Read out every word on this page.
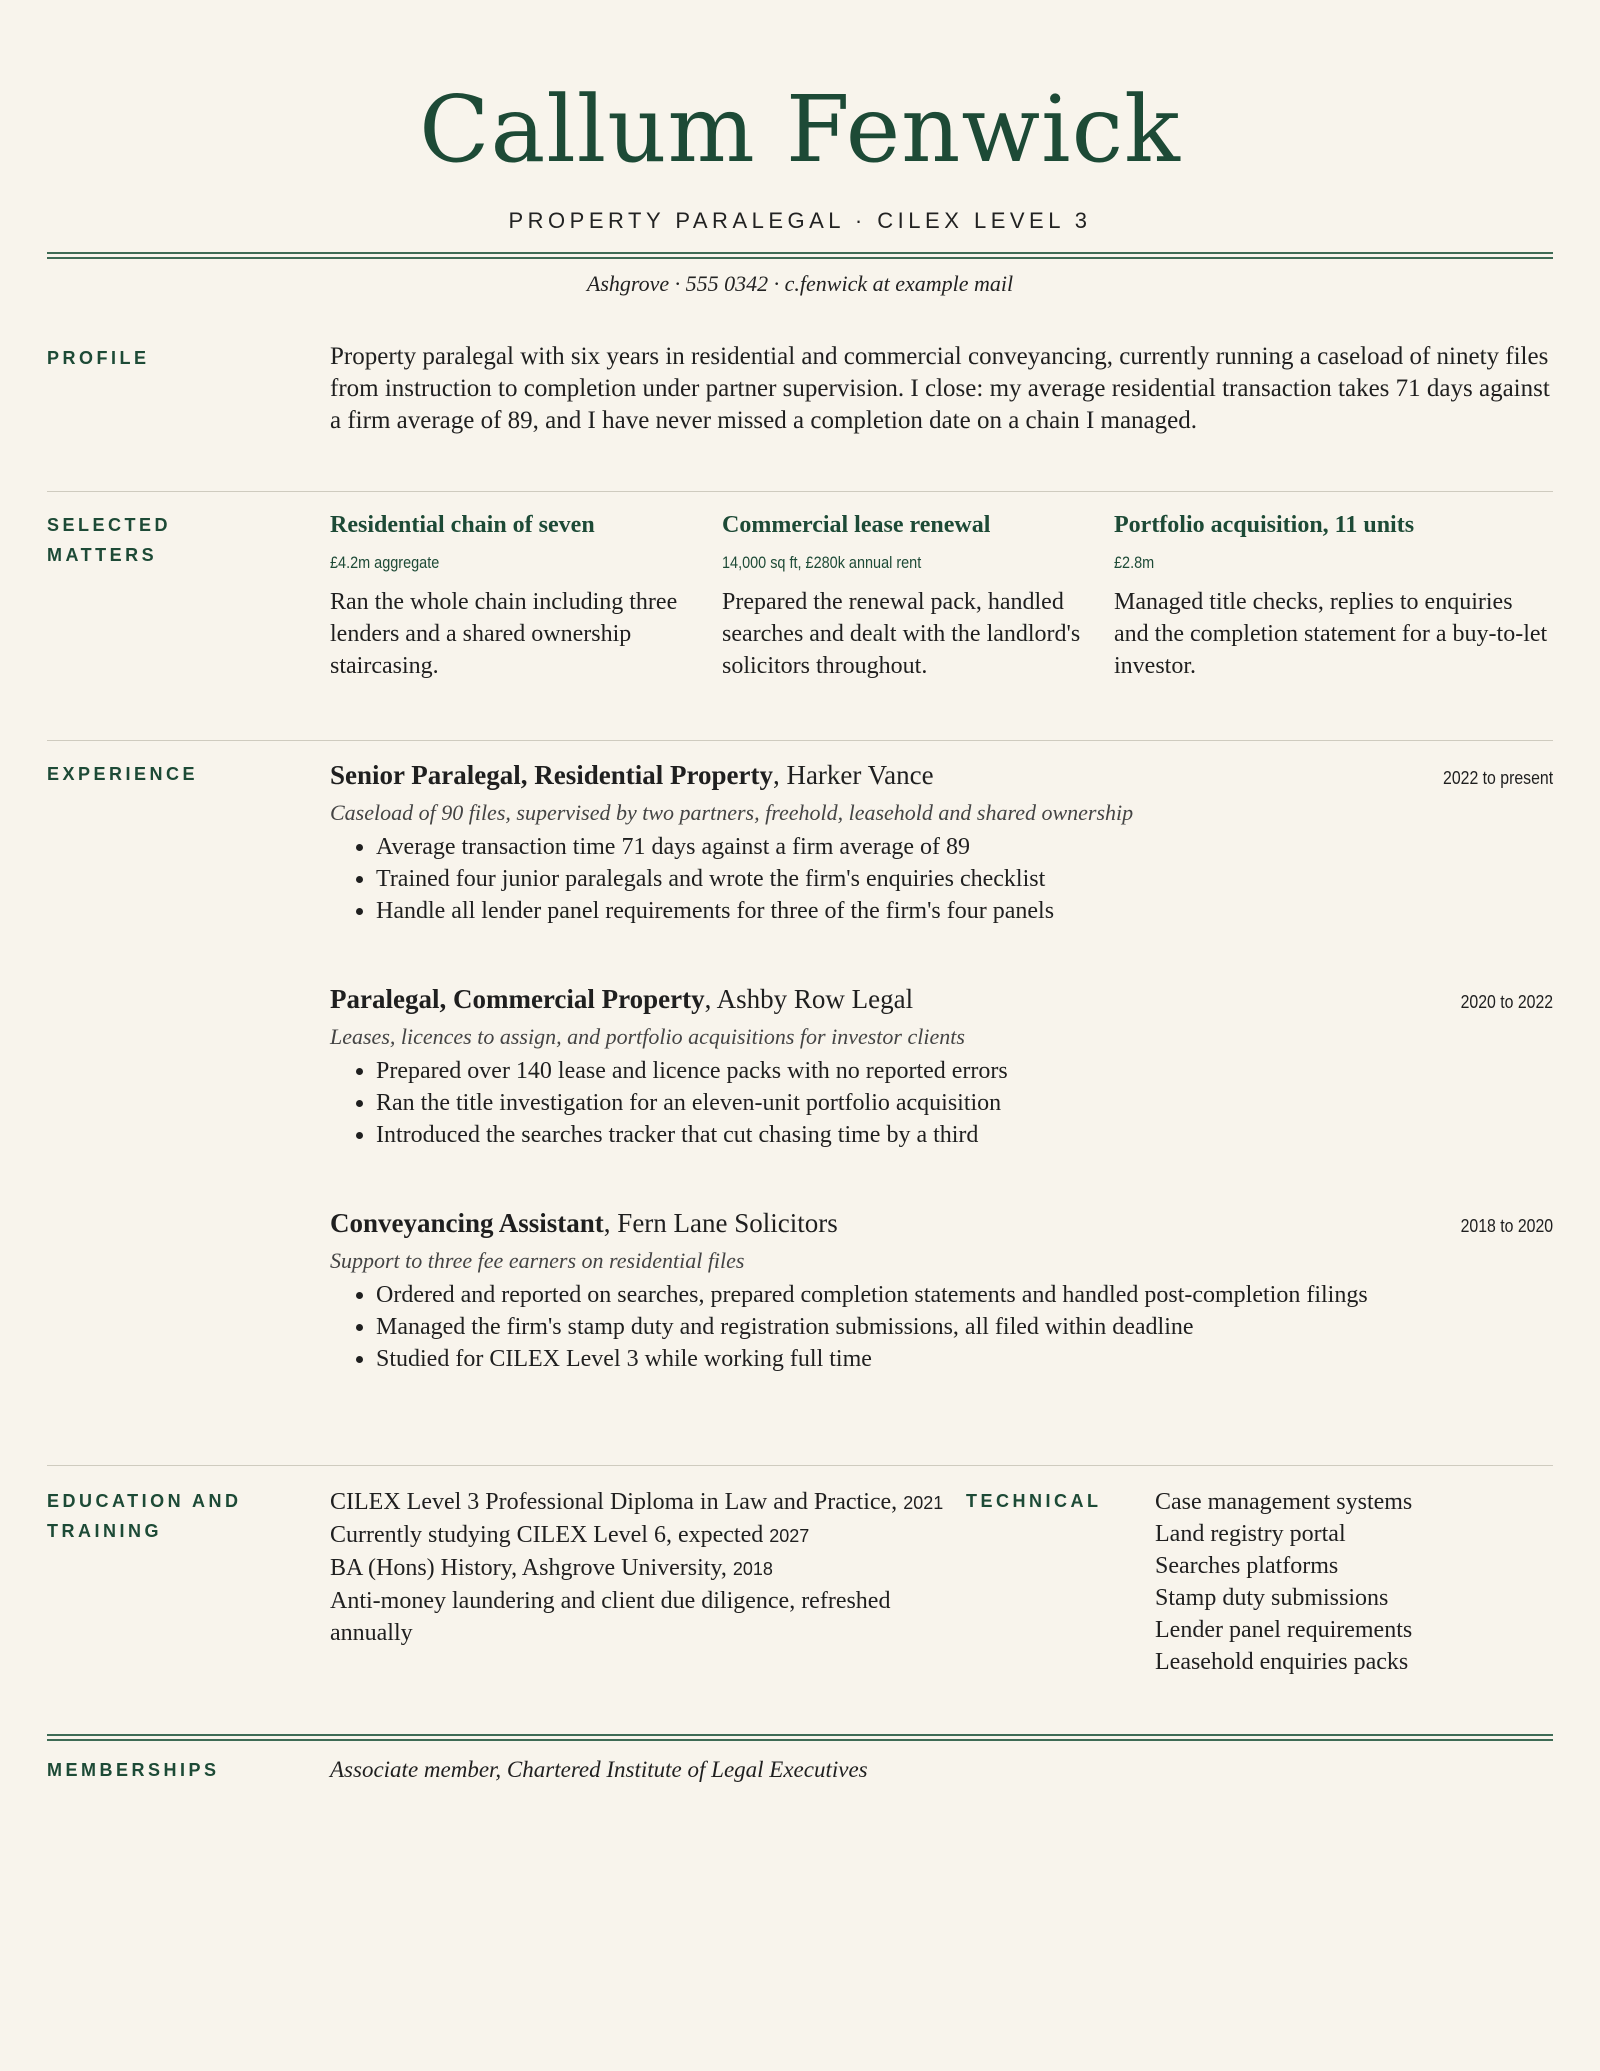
Callum Fenwick
PROPERTY PARALEGAL · CILEX LEVEL 3
Ashgrove · 555 0342 · c.fenwick at example mail
PROFILE	Property paralegal with six years in residential and commercial conveyancing, currently running a caseload of ninety files from instruction to completion under partner supervision. I close: my average residential transaction takes 71 days against a firm average of 89, and I have never missed a completion date on a chain I managed.

SELECTED
MATTERS
Residential chain of seven
£4.2m aggregate
Ran the whole chain including three lenders and a shared ownership staircasing.
Commercial lease renewal
14,000 sq ft, £280k annual rent
Prepared the renewal pack, handled searches and dealt with the landlord's solicitors throughout.
Portfolio acquisition, 11 units
£2.8m
Managed title checks, replies to enquiries and the completion statement for a buy-to-let investor.
EXPERIENCE	Senior Paralegal, Residential Property, Harker Vance	2022 to present
Caseload of 90 files, supervised by two partners, freehold, leasehold and shared ownership
• Average transaction time 71 days against a firm average of 89
• Trained four junior paralegals and wrote the firm's enquiries checklist
• Handle all lender panel requirements for three of the firm's four panels
Paralegal, Commercial Property, Ashby Row Legal	2020 to 2022
Leases, licences to assign, and portfolio acquisitions for investor clients
• Prepared over 140 lease and licence packs with no reported errors
• Ran the title investigation for an eleven-unit portfolio acquisition
• Introduced the searches tracker that cut chasing time by a third
Conveyancing Assistant, Fern Lane Solicitors	2018 to 2020
Support to three fee earners on residential files
• Ordered and reported on searches, prepared completion statements and handled post-completion filings
• Managed the firm's stamp duty and registration submissions, all filed within deadline
• Studied for CILEX Level 3 while working full time
EDUCATION AND
TRAINING
CILEX Level 3 Professional Diploma in Law and Practice, 2021
Currently studying CILEX Level 6, expected 2027
BA (Hons) History, Ashgrove University, 2018
Anti-money laundering and client due diligence, refreshed annually
TECHNICAL	Case management systems
Land registry portal
Searches platforms
Stamp duty submissions
Lender panel requirements
Leasehold enquiries packs
MEMBERSHIPS	Associate member, Chartered Institute of Legal Executives
